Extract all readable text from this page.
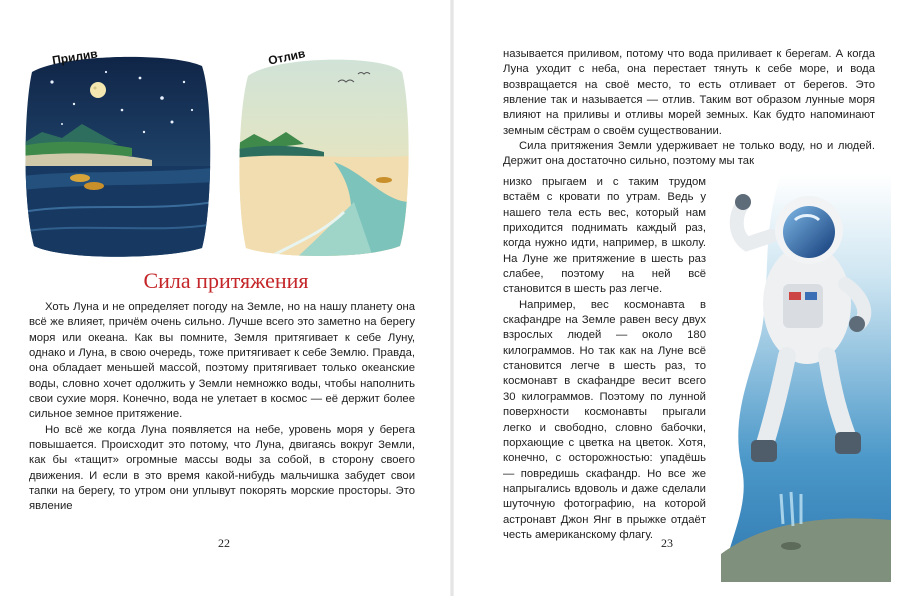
Прилив	Отлив
Сила притяжения

Хоть Луна и не определяет погоду на Земле, но на нашу планету она всё же влияет, причём очень сильно. Лучше всего это заметно на берегу моря или океана. Как вы помните, Земля притягивает к себе Луну, однако и Луна, в свою очередь, тоже притягивает к себе Землю. Правда, она обладает меньшей массой, поэтому притягивает только океанские воды, словно хочет одолжить у Земли немножко воды, чтобы наполнить свои сухие моря. Конечно, вода не улетает в космос — её держит более сильное земное притяжение.

Но всё же когда Луна появляется на небе, уровень моря у берега повышается. Происходит это потому, что Луна, двигаясь вокруг Земли, как бы «тащит» огромные массы воды за собой, в сторону своего движения. И если в это время какой-нибудь мальчишка забудет свои тапки на берегу, то утром они уплывут покорять морские просторы. Это явление

22

называется приливом, потому что вода приливает к берегам. А когда Луна уходит с неба, она перестает тянуть к себе море, и вода возвращается на своё место, то есть отливает от берегов. Это явление так и называется — отлив. Таким вот образом лунные моря влияют на приливы и отливы морей земных. Как будто напоминают земным сёстрам о своём существовании.

Сила притяжения Земли удерживает не только воду, но и людей. Держит она достаточно сильно, поэтому мы так

низко прыгаем и с таким трудом встаём с кровати по утрам. Ведь у нашего тела есть вес, который нам приходится поднимать каждый раз, когда нужно идти, например, в школу. На Луне же притяжение в шесть раз слабее, поэтому на ней всё становится в шесть раз легче.

Например, вес космонавта в скафандре на Земле равен весу двух взрослых людей — около 180 килограммов. Но так как на Луне всё становится легче в шесть раз, то космонавт в скафандре весит всего 30 килограммов. Поэтому по лунной поверхности космонавты прыгали легко и свободно, словно бабочки, порхающие с цветка на цветок. Хотя, конечно, с осторожностью: упадёшь — повредишь скафандр. Но все же напрыгались вдоволь и даже сделали шуточную фотографию, на которой астронавт Джон Янг в прыжке отдаёт честь американскому флагу.

23
